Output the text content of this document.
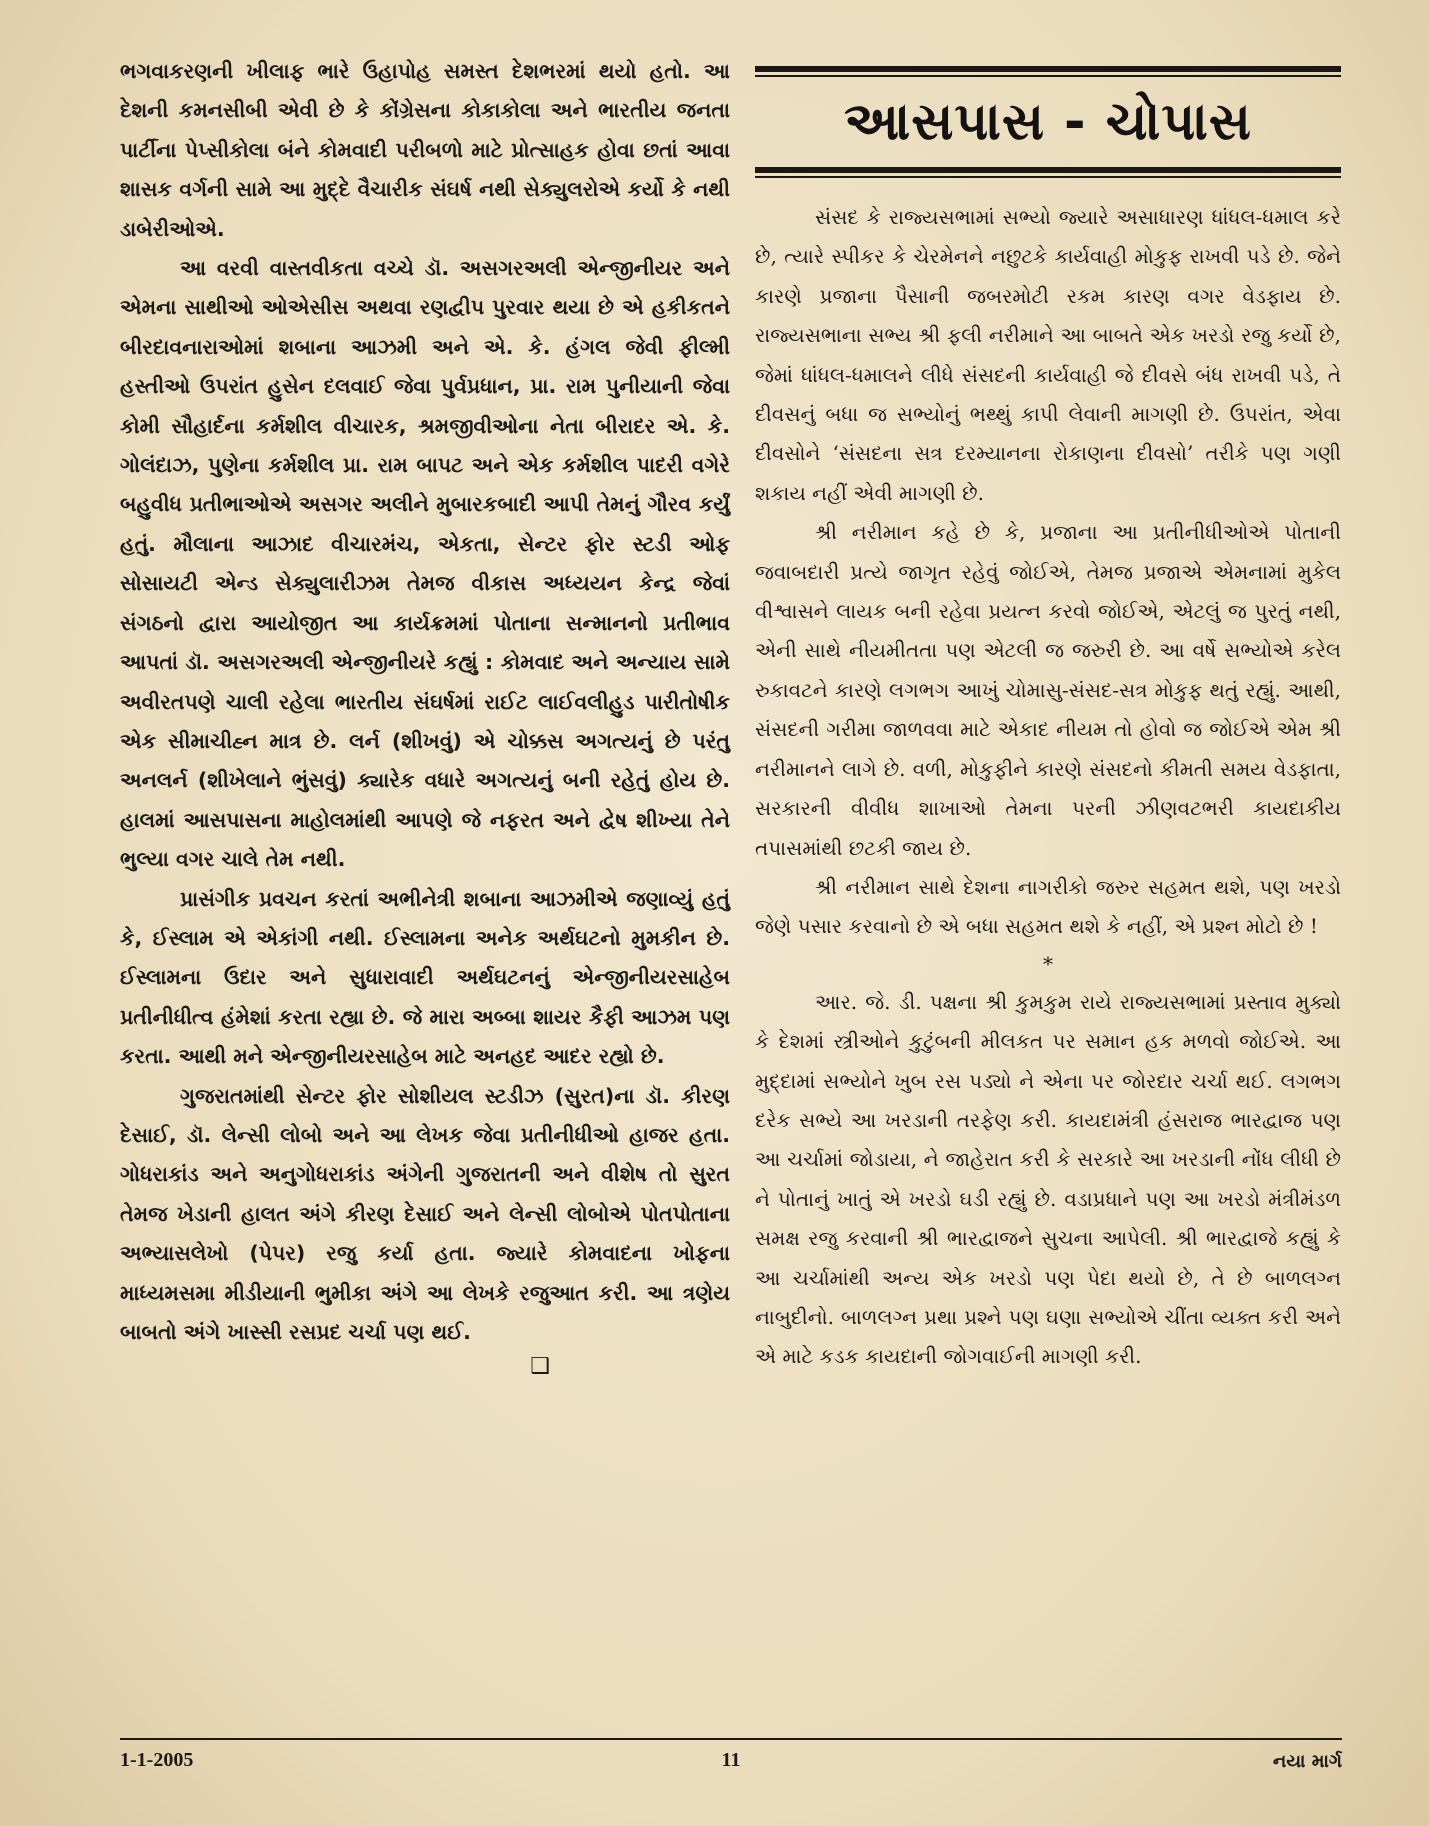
ભગવાકરણની ખીલાફ ભારે ઉહાપોહ સમસ્ત દેશભરમાં થયો હતો. આ દેશની કમનસીબી એવી છે કે કોંગ્રેસના કોકાકોલા અને ભારતીય જનતા પાર્ટીના પેપ્સીકોલા બંને કોમવાદી પરીબળો માટે પ્રોત્સાહક હોવા છતાં આવા શાસક વર્ગની સામે આ મુદ્દે વૈચારીક સંઘર્ષ નથી સેક્યુલરોએ કર્યો કે નથી ડાબેરીઓએ.

આ વરવી વાસ્તવીકતા વચ્ચે ડૉ. અસગરઅલી એન્જીનીયર અને એમના સાથીઓ ઓએસીસ અથવા રણદ્વીપ પુરવાર થયા છે એ હકીકતને બીરદાવનારાઓમાં શબાના આઝમી અને એ. કે. હંગલ જેવી ફીલ્મી હસ્તીઓ ઉપરાંત હુસેન દલવાઈ જેવા પુર્વપ્રધાન, પ્રા. રામ પુનીયાની જેવા કોમી સૌહાર્દના કર્મશીલ વીચારક, શ્રમજીવીઓના નેતા બીરાદર એ. કે. ગોલંદાઝ, પુણેના કર્મશીલ પ્રા. રામ બાપટ અને એક કર્મશીલ પાદરી વગેરે બહુવીધ પ્રતીભાઓએ અસગર અલીને મુબારકબાદી આપી તેમનું ગૌરવ કર્યું હતું. મૌલાના આઝાદ વીચારમંચ, એકતા, સેન્ટર ફોર સ્ટડી ઓફ સોસાયટી એન્ડ સેક્યુલારીઝમ તેમજ વીકાસ અધ્યયન કેન્દ્ર જેવાં સંગઠનો દ્વારા આયોજીત આ કાર્યક્રમમાં પોતાના સન્માનનો પ્રતીભાવ આપતાં ડૉ. અસગરઅલી એન્જીનીયરે કહ્યું : કોમવાદ અને અન્યાય સામે અવીરતપણે ચાલી રહેલા ભારતીય સંઘર્ષમાં રાઈટ લાઈવલીહુડ પારીતોષીક એક સીમાચીહ્ન માત્ર છે. લર્ન (શીખવું) એ ચોક્કસ અગત્યનું છે પરંતુ અનલર્ન (શીખેલાને ભુંસવું) ક્યારેક વધારે અગત્યનું બની રહેતું હોય છે. હાલમાં આસપાસના માહોલમાંથી આપણે જે નફરત અને દ્વેષ શીખ્યા તેને ભુલ્યા વગર ચાલે તેમ નથી.

પ્રાસંગીક પ્રવચન કરતાં અભીનેત્રી શબાના આઝમીએ જણાવ્યું હતું કે, ઈસ્લામ એ એકાંગી નથી. ઈસ્લામના અનેક અર્થઘટનો મુમકીન છે. ઈસ્લામના ઉદાર અને સુધારાવાદી અર્થઘટનનું એન્જીનીયરસાહેબ પ્રતીનીધીત્વ હંમેશાં કરતા રહ્યા છે. જે મારા અબ્બા શાયર કૈફી આઝમ પણ કરતા. આથી મને એન્જીનીયરસાહેબ માટે અનહદ આદર રહ્યો છે.

ગુજરાતમાંથી સેન્ટર ફોર સોશીયલ સ્ટડીઝ (સુરત)ના ડૉ. કીરણ દેસાઈ, ડૉ. લેન્સી લોબો અને આ લેખક જેવા પ્રતીનીધીઓ હાજર હતા. ગોધરાકાંડ અને અનુગોધરાકાંડ અંગેની ગુજરાતની અને વીશેષ તો સુરત તેમજ ખેડાની હાલત અંગે કીરણ દેસાઈ અને લેન્સી લોબોએ પોતપોતાના અભ્યાસલેખો (પેપર) રજુ કર્યા હતા. જ્યારે કોમવાદના ખોફના માધ્યમસમા મીડીયાની ભુમીકા અંગે આ લેખકે રજુઆત કરી. આ ત્રણેય બાબતો અંગે ખાસ્સી રસપ્રદ ચર્ચા પણ થઈ.

❑
આસપાસ - ચોપાસ

સંસદ કે રાજ્યસભામાં સભ્યો જ્યારે અસાધારણ ધાંધલ-ધમાલ કરે છે, ત્યારે સ્પીકર કે ચેરમેનને નછુટકે કાર્યવાહી મોકુફ રાખવી પડે છે. જેને કારણે પ્રજાના પૈસાની જબરમોટી રકમ કારણ વગર વેડફાય છે. રાજ્યસભાના સભ્ય શ્રી ફલી નરીમાને આ બાબતે એક ખરડો રજુ કર્યો છે, જેમાં ધાંધલ-ધમાલને લીધે સંસદની કાર્યવાહી જે દીવસે બંધ રાખવી પડે, તે દીવસનું બધા જ સભ્યોનું ભથ્થું કાપી લેવાની માગણી છે. ઉપરાંત, એવા દીવસોને ‘સંસદના સત્ર દરમ્યાનના રોકાણના દીવસો’ તરીકે પણ ગણી શકાય નહીં એવી માગણી છે.

શ્રી નરીમાન કહે છે કે, પ્રજાના આ પ્રતીનીધીઓએ પોતાની જવાબદારી પ્રત્યે જાગૃત રહેવું જોઈએ, તેમજ પ્રજાએ એમનામાં મુકેલ વીશ્વાસને લાયક બની રહેવા પ્રયત્ન કરવો જોઈએ, એટલું જ પુરતું નથી, એની સાથે નીયમીતતા પણ એટલી જ જરુરી છે. આ વર્ષે સભ્યોએ કરેલ રુકાવટને કારણે લગભગ આખું ચોમાસુ-સંસદ-સત્ર મોકુફ થતું રહ્યું. આથી, સંસદની ગરીમા જાળવવા માટે એકાદ નીયમ તો હોવો જ જોઈએ એમ શ્રી નરીમાનને લાગે છે. વળી, મોકુફીને કારણે સંસદનો કીમતી સમય વેડફાતા, સરકારની વીવીધ શાખાઓ તેમના પરની ઝીણવટભરી કાયદાકીય તપાસમાંથી છટકી જાય છે.

શ્રી નરીમાન સાથે દેશના નાગરીકો જરુર સહમત થશે, પણ ખરડો જેણે પસાર કરવાનો છે એ બધા સહમત થશે કે નહીં, એ પ્રશ્ન મોટો છે !

*

આર. જે. ડી. પક્ષના શ્રી કુમકુમ રાયે રાજ્યસભામાં પ્રસ્તાવ મુક્યો કે દેશમાં સ્ત્રીઓને કુટુંબની મીલકત પર સમાન હક મળવો જોઈએ. આ મુદ્દામાં સભ્યોને ખુબ રસ પડ્યો ને એના પર જોરદાર ચર્ચા થઈ. લગભગ દરેક સભ્યે આ ખરડાની તરફેણ કરી. કાયદામંત્રી હંસરાજ ભારદ્વાજ પણ આ ચર્ચામાં જોડાયા, ને જાહેરાત કરી કે સરકારે આ ખરડાની નોંધ લીધી છે ને પોતાનું ખાતું એ ખરડો ઘડી રહ્યું છે. વડાપ્રધાને પણ આ ખરડો મંત્રીમંડળ સમક્ષ રજુ કરવાની શ્રી ભારદ્વાજને સુચના આપેલી. શ્રી ભારદ્વાજે કહ્યું કે આ ચર્ચામાંથી અન્ય એક ખરડો પણ પેદા થયો છે, તે છે બાળલગ્ન નાબુદીનો. બાળલગ્ન પ્રથા પ્રશ્ને પણ ઘણા સભ્યોએ ચીંતા વ્યક્ત કરી અને એ માટે કડક કાયદાની જોગવાઈની માગણી કરી.

1-1-2005	11	નયા માર્ગ
